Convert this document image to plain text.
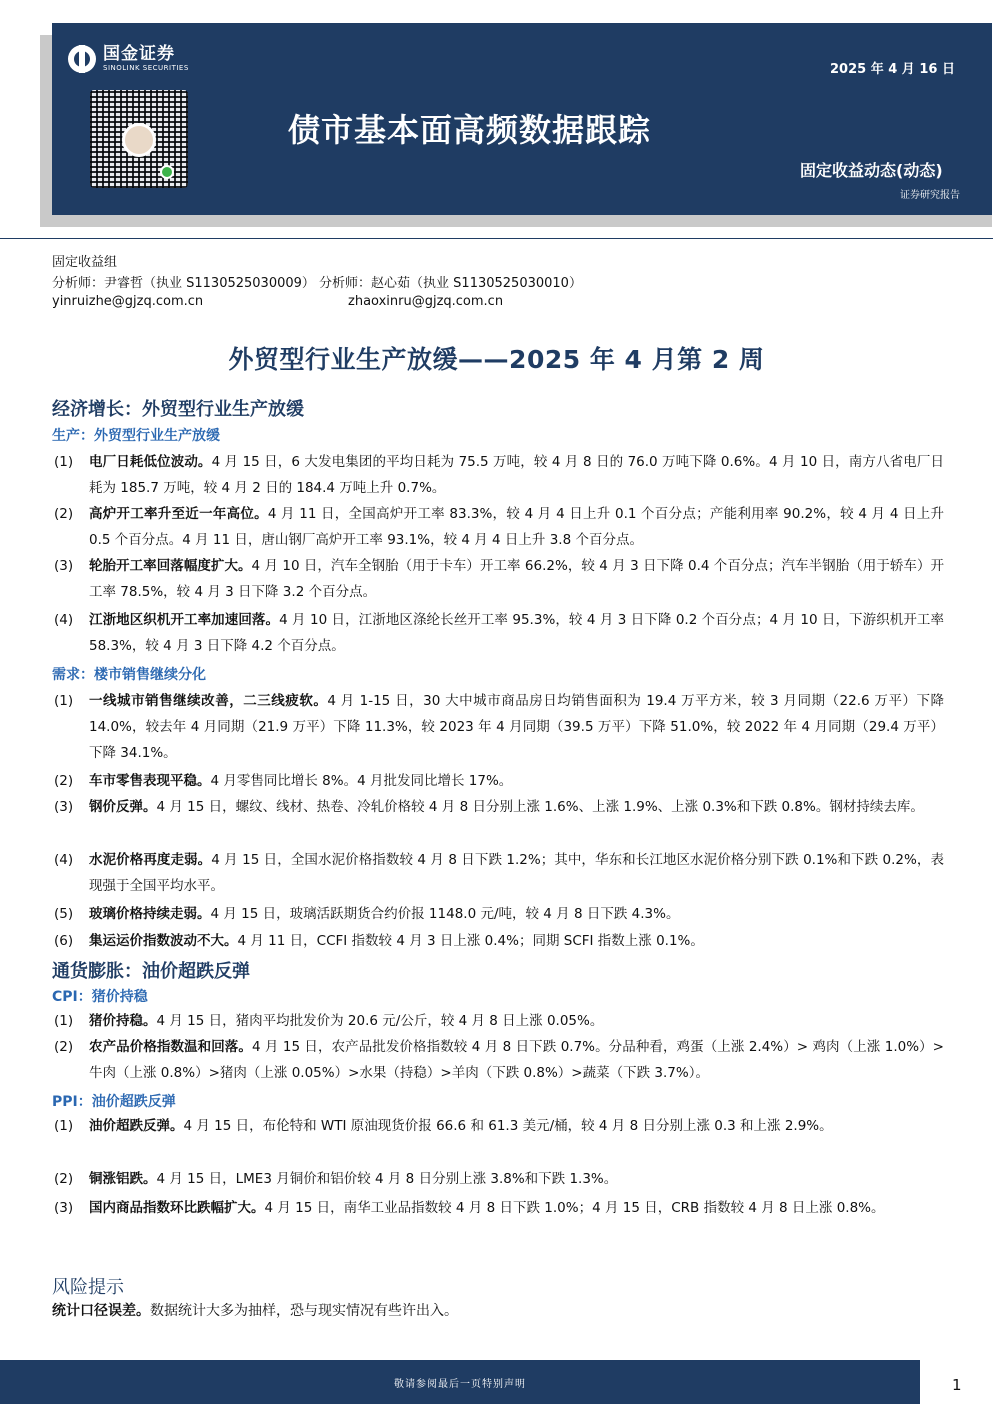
国金证券
SINOLINK SECURITIES	2025 年 4 月 16 日
债市基本面高频数据跟踪
固定收益动态(动态)
证券研究报告
固定收益组
分析师：尹睿哲（执业 S1130525030009） 分析师：赵心茹（执业 S1130525030010）
yinruizhe@gjzq.com.cn	zhaoxinru@gjzq.com.cn
外贸型行业生产放缓——2025 年 4 月第 2 周
经济增长：外贸型行业生产放缓
生产：外贸型行业生产放缓
(1) 电厂日耗低位波动。4 月 15 日，6 大发电集团的平均日耗为 75.5 万吨，较 4 月 8 日的 76.0 万吨下降 0.6%。4 月 10 日，南方八省电厂日耗为 185.7 万吨，较 4 月 2 日的 184.4 万吨上升 0.7%。
(2) 高炉开工率升至近一年高位。4 月 11 日，全国高炉开工率 83.3%，较 4 月 4 日上升 0.1 个百分点；产能利用率 90.2%，较 4 月 4 日上升 0.5 个百分点。4 月 11 日，唐山钢厂高炉开工率 93.1%，较 4 月 4 日上升 3.8 个百分点。
(3) 轮胎开工率回落幅度扩大。4 月 10 日，汽车全钢胎（用于卡车）开工率 66.2%，较 4 月 3 日下降 0.4 个百分点；汽车半钢胎（用于轿车）开工率 78.5%，较 4 月 3 日下降 3.2 个百分点。
(4) 江浙地区织机开工率加速回落。4 月 10 日，江浙地区涤纶长丝开工率 95.3%，较 4 月 3 日下降 0.2 个百分点；4 月 10 日，下游织机开工率 58.3%，较 4 月 3 日下降 4.2 个百分点。
需求：楼市销售继续分化
(1) 一线城市销售继续改善，二三线疲软。4 月 1-15 日，30 大中城市商品房日均销售面积为 19.4 万平方米，较 3 月同期（22.6 万平）下降 14.0%，较去年 4 月同期（21.9 万平）下降 11.3%，较 2023 年 4 月同期（39.5 万平）下降 51.0%，较 2022 年 4 月同期（29.4 万平）下降 34.1%。
(2) 车市零售表现平稳。4 月零售同比增长 8%。4 月批发同比增长 17%。
(3) 钢价反弹。4 月 15 日，螺纹、线材、热卷、冷轧价格较 4 月 8 日分别上涨 1.6%、上涨 1.9%、上涨 0.3%和下跌 0.8%。钢材持续去库。
(4) 水泥价格再度走弱。4 月 15 日，全国水泥价格指数较 4 月 8 日下跌 1.2%；其中，华东和长江地区水泥价格分别下跌 0.1%和下跌 0.2%，表现强于全国平均水平。
(5) 玻璃价格持续走弱。4 月 15 日，玻璃活跃期货合约价报 1148.0 元/吨，较 4 月 8 日下跌 4.3%。
(6) 集运运价指数波动不大。4 月 11 日，CCFI 指数较 4 月 3 日上涨 0.4%；同期 SCFI 指数上涨 0.1%。
通货膨胀：油价超跌反弹
CPI：猪价持稳
(1) 猪价持稳。4 月 15 日，猪肉平均批发价为 20.6 元/公斤，较 4 月 8 日上涨 0.05%。
(2) 农产品价格指数温和回落。4 月 15 日，农产品批发价格指数较 4 月 8 日下跌 0.7%。分品种看，鸡蛋（上涨 2.4%）> 鸡肉（上涨 1.0%）>牛肉（上涨 0.8%）>猪肉（上涨 0.05%）>水果（持稳）>羊肉（下跌 0.8%）>蔬菜（下跌 3.7%）。
PPI：油价超跌反弹
(1) 油价超跌反弹。4 月 15 日，布伦特和 WTI 原油现货价报 66.6 和 61.3 美元/桶，较 4 月 8 日分别上涨 0.3 和上涨 2.9%。
(2) 铜涨铝跌。4 月 15 日，LME3 月铜价和铝价较 4 月 8 日分别上涨 3.8%和下跌 1.3%。
(3) 国内商品指数环比跌幅扩大。4 月 15 日，南华工业品指数较 4 月 8 日下跌 1.0%；4 月 15 日，CRB 指数较 4 月 8 日上涨 0.8%。
风险提示
统计口径误差。数据统计大多为抽样，恐与现实情况有些许出入。
敬请参阅最后一页特别声明	1
